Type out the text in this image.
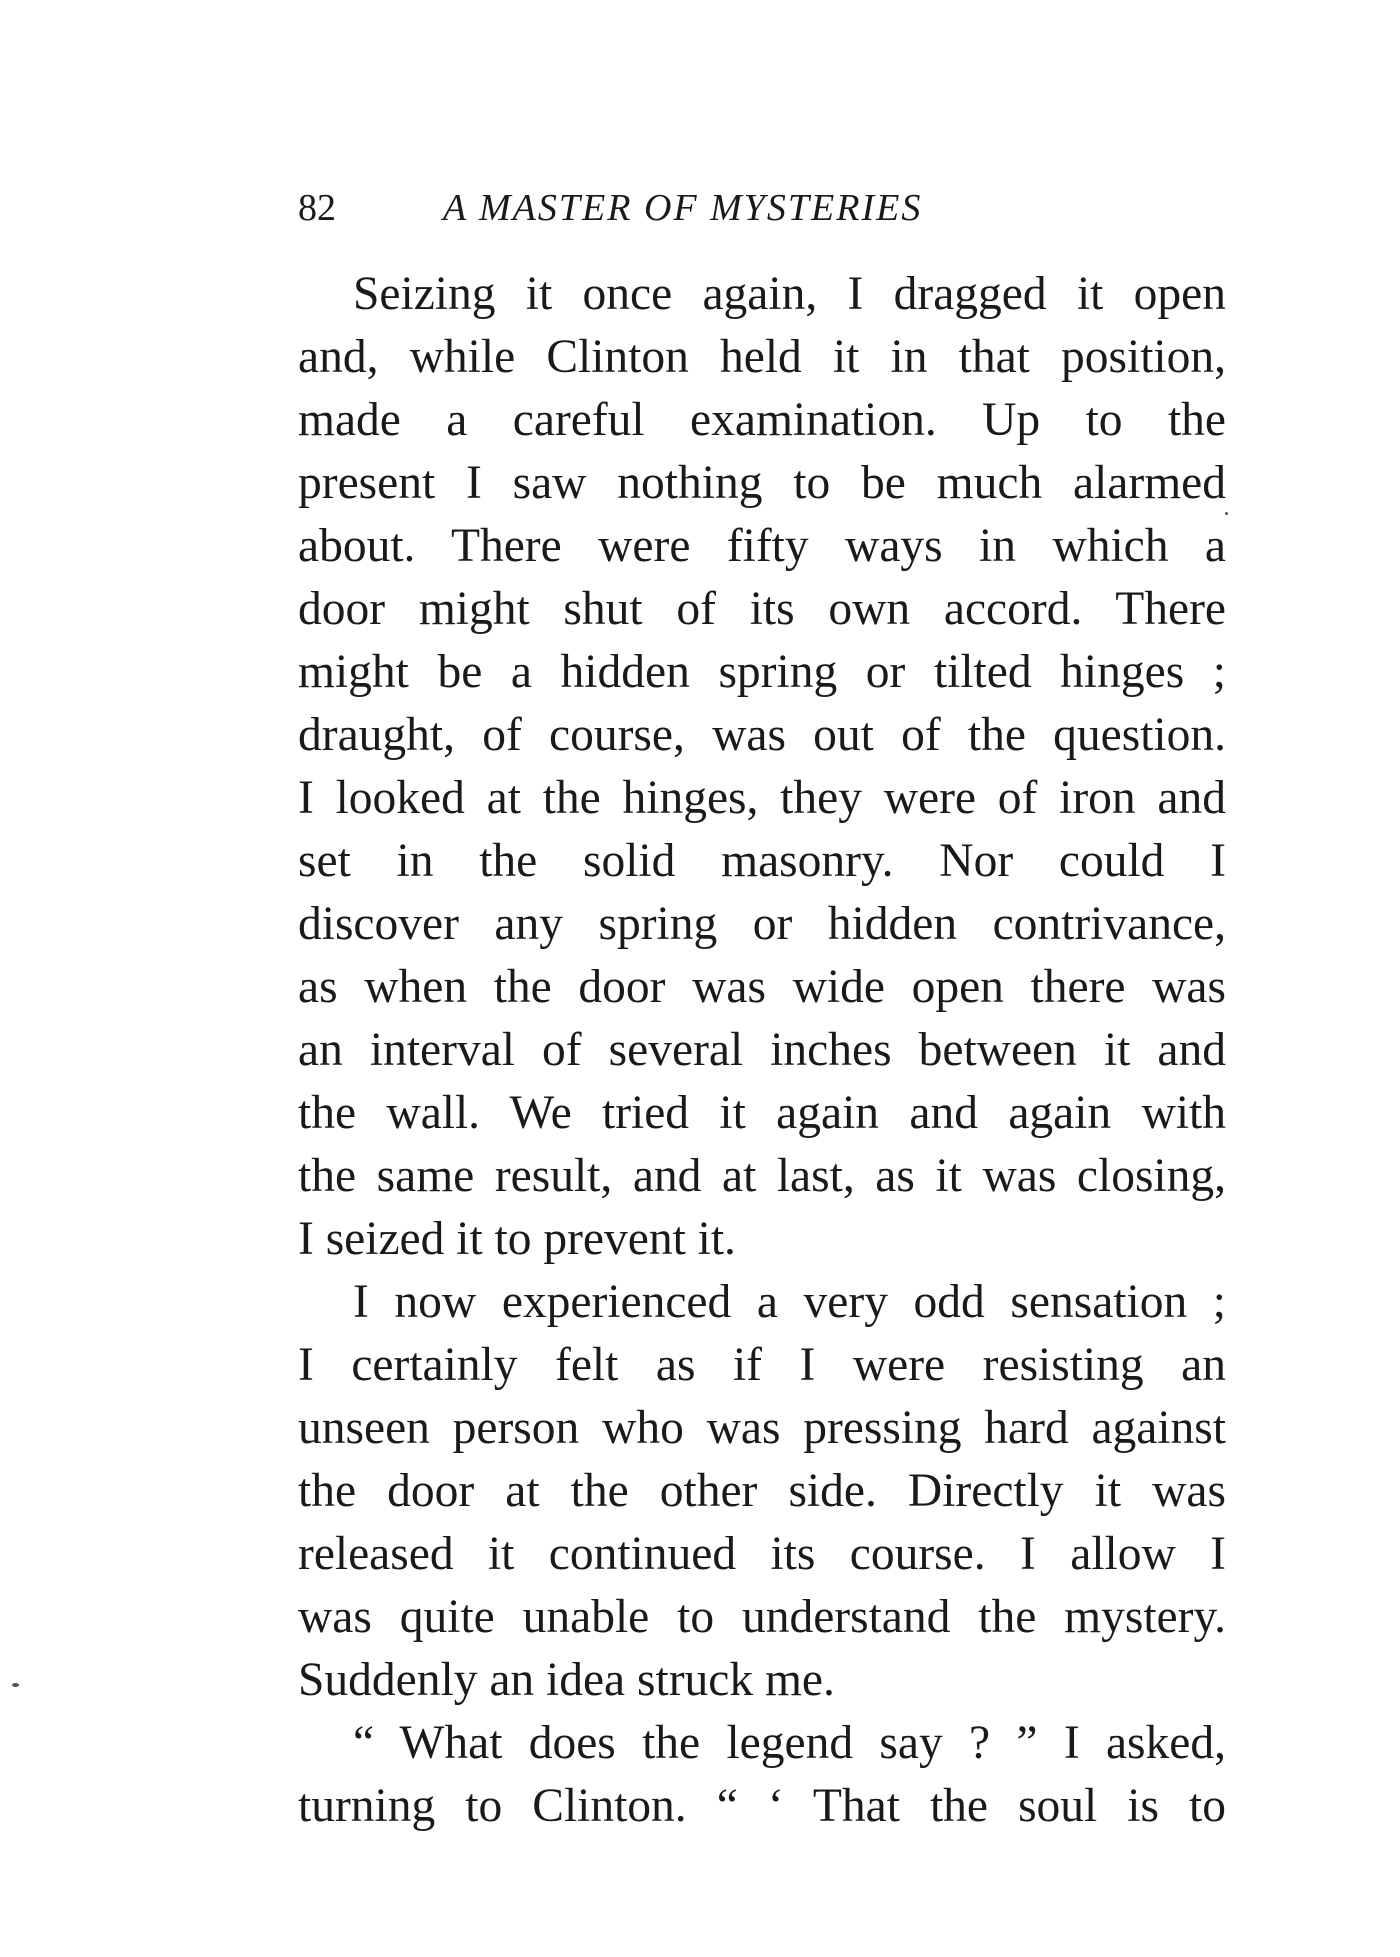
82	A MASTER OF MYSTERIES
Seizing it once again, I dragged it open
and, while Clinton held it in that position,
made a careful examination. Up to the
present I saw nothing to be much alarmed
about. There were fifty ways in which a
door might shut of its own accord. There
might be a hidden spring or tilted hinges ;
draught, of course, was out of the question.
I looked at the hinges, they were of iron and
set in the solid masonry. Nor could I
discover any spring or hidden contrivance,
as when the door was wide open there was
an interval of several inches between it and
the wall. We tried it again and again with
the same result, and at last, as it was closing,
I seized it to prevent it.
I now experienced a very odd sensation ;
I certainly felt as if I were resisting an
unseen person who was pressing hard against
the door at the other side. Directly it was
released it continued its course. I allow I
was quite unable to understand the mystery.
Suddenly an idea struck me.
“ What does the legend say ? ” I asked,
turning to Clinton. “ ‘ That the soul is to
